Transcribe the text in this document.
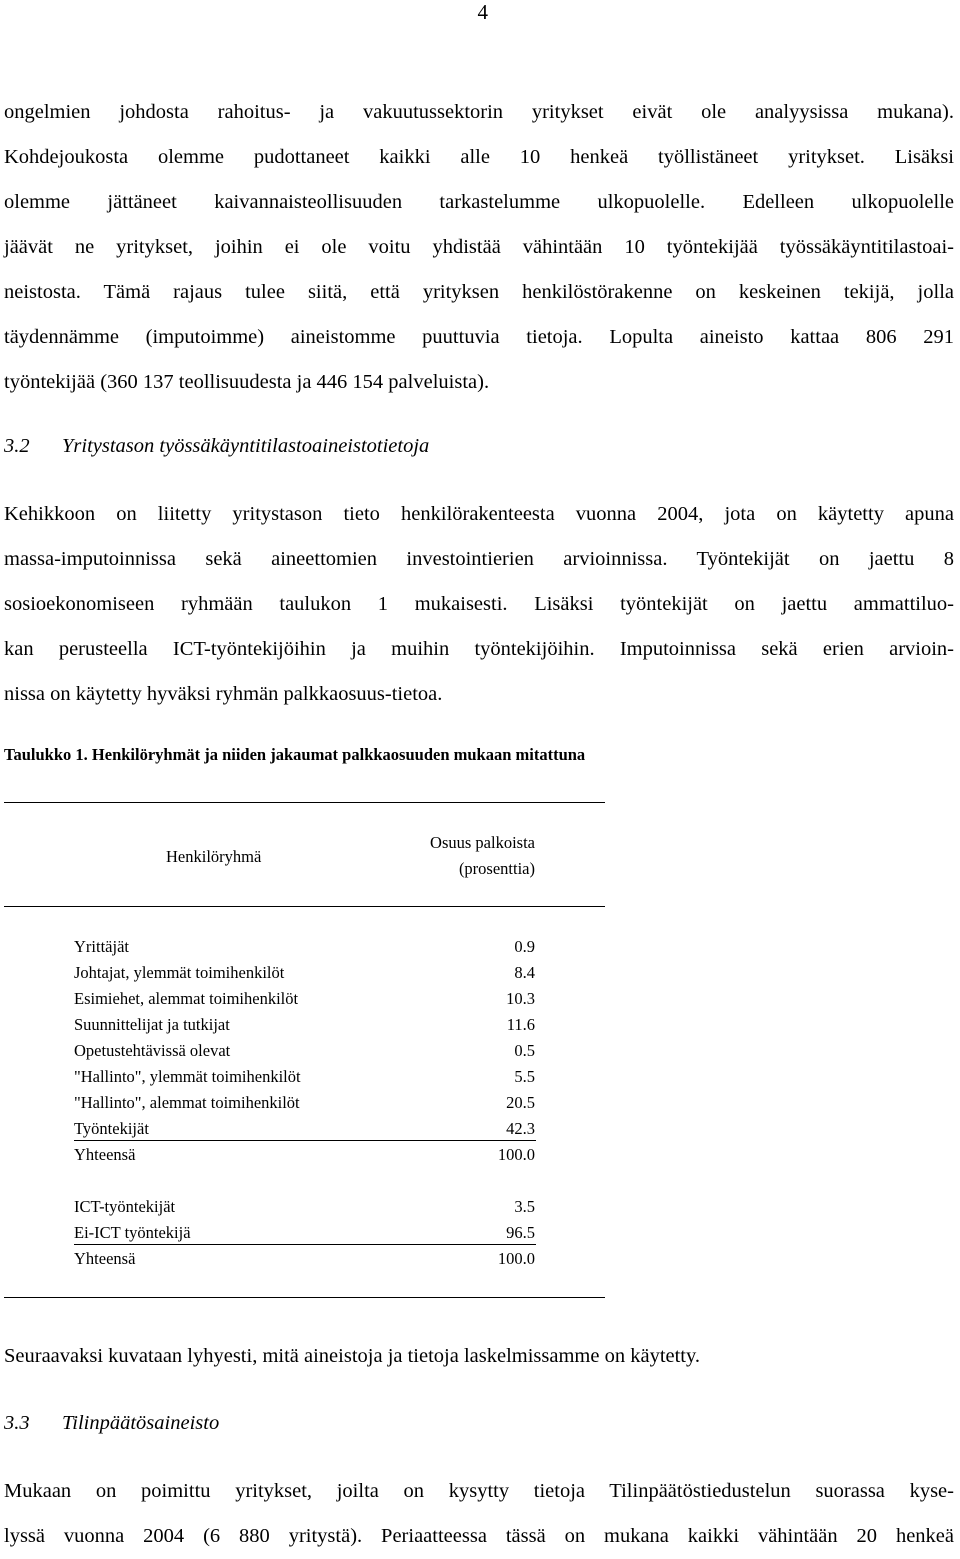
4
ongelmien johdosta rahoitus- ja vakuutussektorin yritykset eivät ole analyysissa mukana).
Kohdejoukosta olemme pudottaneet kaikki alle 10 henkeä työllistäneet yritykset. Lisäksi
olemme jättäneet kaivannaisteollisuuden tarkastelumme ulkopuolelle. Edelleen ulkopuolelle
jäävät ne yritykset, joihin ei ole voitu yhdistää vähintään 10 työntekijää työssäkäyntitilastoai-
neistosta. Tämä rajaus tulee siitä, että yrityksen henkilöstörakenne on keskeinen tekijä, jolla
täydennämme (imputoimme) aineistomme puuttuvia tietoja. Lopulta aineisto kattaa 806 291
työntekijää (360 137 teollisuudesta ja 446 154 palveluista).
3.2 Yritystason työssäkäyntitilastoaineistotietoja
Kehikkoon on liitetty yritystason tieto henkilörakenteesta vuonna 2004, jota on käytetty apuna
massa-imputoinnissa sekä aineettomien investointierien arvioinnissa. Työntekijät on jaettu 8
sosioekonomiseen ryhmään taulukon 1 mukaisesti. Lisäksi työntekijät on jaettu ammattiluo-
kan perusteella ICT-työntekijöihin ja muihin työntekijöihin. Imputoinnissa sekä erien arvioin-
nissa on käytetty hyväksi ryhmän palkkaosuus-tietoa.
Taulukko 1. Henkilöryhmät ja niiden jakaumat palkkaosuuden mukaan mitattuna
Henkilöryhmä
Osuus palkoista
(prosenttia)
Yrittäjät	0.9
Johtajat, ylemmät toimihenkilöt	8.4
Esimiehet, alemmat toimihenkilöt	10.3
Suunnittelijat ja tutkijat	11.6
Opetustehtävissä olevat	0.5
"Hallinto", ylemmät toimihenkilöt	5.5
"Hallinto", alemmat toimihenkilöt	20.5
Työntekijät	42.3
Yhteensä	100.0
ICT-työntekijät	3.5
Ei-ICT työntekijä	96.5
Yhteensä	100.0
Seuraavaksi kuvataan lyhyesti, mitä aineistoja ja tietoja laskelmissamme on käytetty.
3.3 Tilinpäätösaineisto
Mukaan on poimittu yritykset, joilta on kysytty tietoja Tilinpäätöstiedustelun suorassa kyse-
lyssä vuonna 2004 (6 880 yritystä). Periaatteessa tässä on mukana kaikki vähintään 20 henkeä
